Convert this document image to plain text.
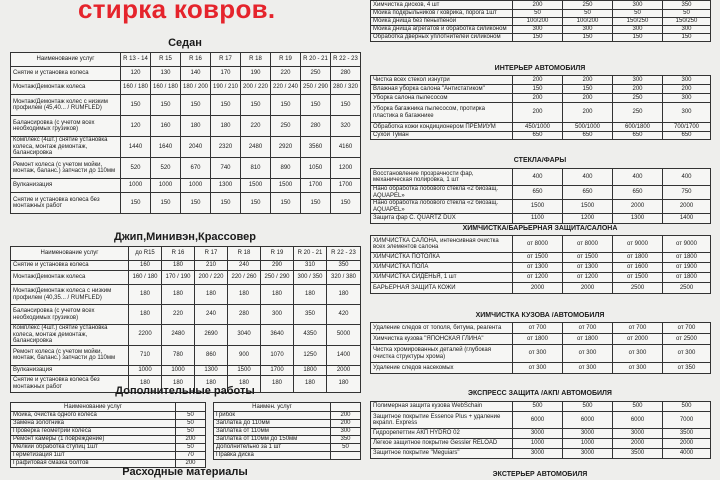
стирка ковров.
Седан
Наименование услуг	R 13 - 14	R 15	R 16	R 17	R 18	R 19	R 20 - 21	R 22 - 23
Снятие и установка колеса	120	130	140	170	190	220	250	280
Монтаж/Демонтаж колеса	160 / 180	160 / 180	180 / 200	190 / 210	200 / 220	220 / 240	250 / 290	280 / 320
Монтаж/Демонтаж колес с низким профилем (45,40... / RUMFLED)	150	150	150	150	150	150	150	150
Балансировка (с учетом всех необходимых грузиков)	120	160	180	180	220	250	280	320
Комплекс (4шт.) снятие установка колеса, монтаж демонтаж, балансировка	1440	1640	2040	2320	2480	2920	3560	4160
Ремонт колеса (с учетом мойки, монтаж, баланс.) запчасти до 110мм	520	520	670	740	810	890	1050	1200
Вулканизация	1000	1000	1000	1300	1500	1500	1700	1700
Снятие и установка колеса без монтажных работ	150	150	150	150	150	150	150	150
Джип,Минивэн,Крассовер
Наименование услуг	до R15	R 16	R 17	R 18	R 19	R 20 - 21	R 22 - 23
Снятие и установка колеса	160	180	210	240	290	310	350
Монтаж/Демонтаж колеса	160 / 180	170 / 190	200 / 220	220 / 260	250 / 290	300 / 350	320 / 380
Монтаж/Демонтаж колеса с низким профилем (40,35... / RUMFLED)	180	180	180	180	180	180	180
Балансировка (с учетом всех необходимых грузиков)	180	220	240	280	300	350	420
Комплекс (4шт.) снятие установка колеса, монтаж демонтаж, балансировка	2200	2480	2690	3040	3640	4350	5000
Ремонт колеса (с учетом мойки, монтаж, баланс.) запчасти до 110мм	710	780	860	900	1070	1250	1400
Вулканизация	1000	1000	1300	1500	1700	1800	2000
Снятие и установка колеса без монтажных работ	180	180	180	180	180	180	180
Дополнительные работы
Наименование услуг	
Мойка, очистка одного колеса	50
Замена золотника	50
Проверка геометрии колеса	50
Ремонт камеры (1 повреждение)	200
Мелкий обработка ступиц 1шт	50
Герметизация 1шт	70
Графитовая смазка болтов	200
Наимен. услуг	
Грибок	200
Заплатка до 110мм	200
Заплатка от 110мм	300
Заплатка от 110мм до 150мм	350
Дополнительно за 1 шт	50
Правка диска	
Расходные материалы
Химчистка дисков, 4 шт	200	250	300	350
Мойка подкрыльников / коврика, порога 1шт	50	50	50	50
Мойка днища без пены/пеной	100/200	100/200	150/250	150/250
Мойка днища агрегатов и обработка силиконом	300	300	300	300
Обработка дверных уплотнителей силиконом	150	150	150	150
ИНТЕРЬЕР АВТОМОБИЛЯ
Чистка всех стекол изнутри	200	200	300	300
Влажная уборка салона "Антистатиком"	150	150	200	200
Уборка салона пылесосом	200	200	250	300
Уборка багажника пылесосом, протирка пластика в багажнике	200	200	250	300
Обработка кожи кондиционером ПРЕМИУМ	450/1000	500/1000	600/1800	700/1700
Сухой Туман	650	650	650	650
СТЕКЛА/ФАРЫ
Восстановление прозрачности фар, механическая полировка, 1 шт	400	400	400	400
Нано обработка лобового стекла «2 биозащ. AQUAPEL»	650	650	650	750
Нано обработка лобового стекла «2 биозащ. AQUAPEL»	1500	1500	2000	2000
Защита фар C. QUARTZ DUX	1100	1200	1300	1400
ХИМЧИСТКА/БАРЬЕРНАЯ ЗАЩИТА/САЛОНА
ХИМЧИСТКА САЛОНА, интенсивная очистка всех элементов салона	от 8000	от 8000	от 9000	от 9000
ХИМЧИСТКА ПОТОЛКА	от 1500	от 1500	от 1800	от 1800
ХИМЧИСТКА ПОЛА	от 1300	от 1300	от 1600	от 1900
ХИМЧИСТКА СИДЕНЬЯ, 1 шт	от 1200	от 1200	от 1500	от 1800
БАРЬЕРНАЯ ЗАЩИТА КОЖИ	2000	2000	2500	2500
ХИМЧИСТКА КУЗОВА /АВТОМОБИЛЯ
Удаление следов от тополя, битума, реагента	от 700	от 700	от 700	от 700
Химчистка кузова "ЯПОНСКАЯ ГЛИНА"	от 1800	от 1800	от 2000	от 2500
Чистка хромированных деталей (глубокая очистка структуры хрома)	от 300	от 300	от 300	от 300
Удаление следов насекомых	от 300	от 300	от 300	от 350
ЭКСПРЕСС ЗАЩИТА /АКП/ АВТОМОБИЛЯ
Полимерная защита кузова WebSchain	500	500	500	500
Защитное покрытие Essence Plus + удаление вкрапл. Express	6000	6000	6000	7000
Гидрорепеттин АКП HYDRO 02	3000	3000	3000	3500
Легкое защитное покрытие Gessler RELOAD	1000	1000	2000	2000
Защитное покрытие "Meguiars"	3000	3000	3500	4000
ЭКСТЕРЬЕР АВТОМОБИЛЯ
